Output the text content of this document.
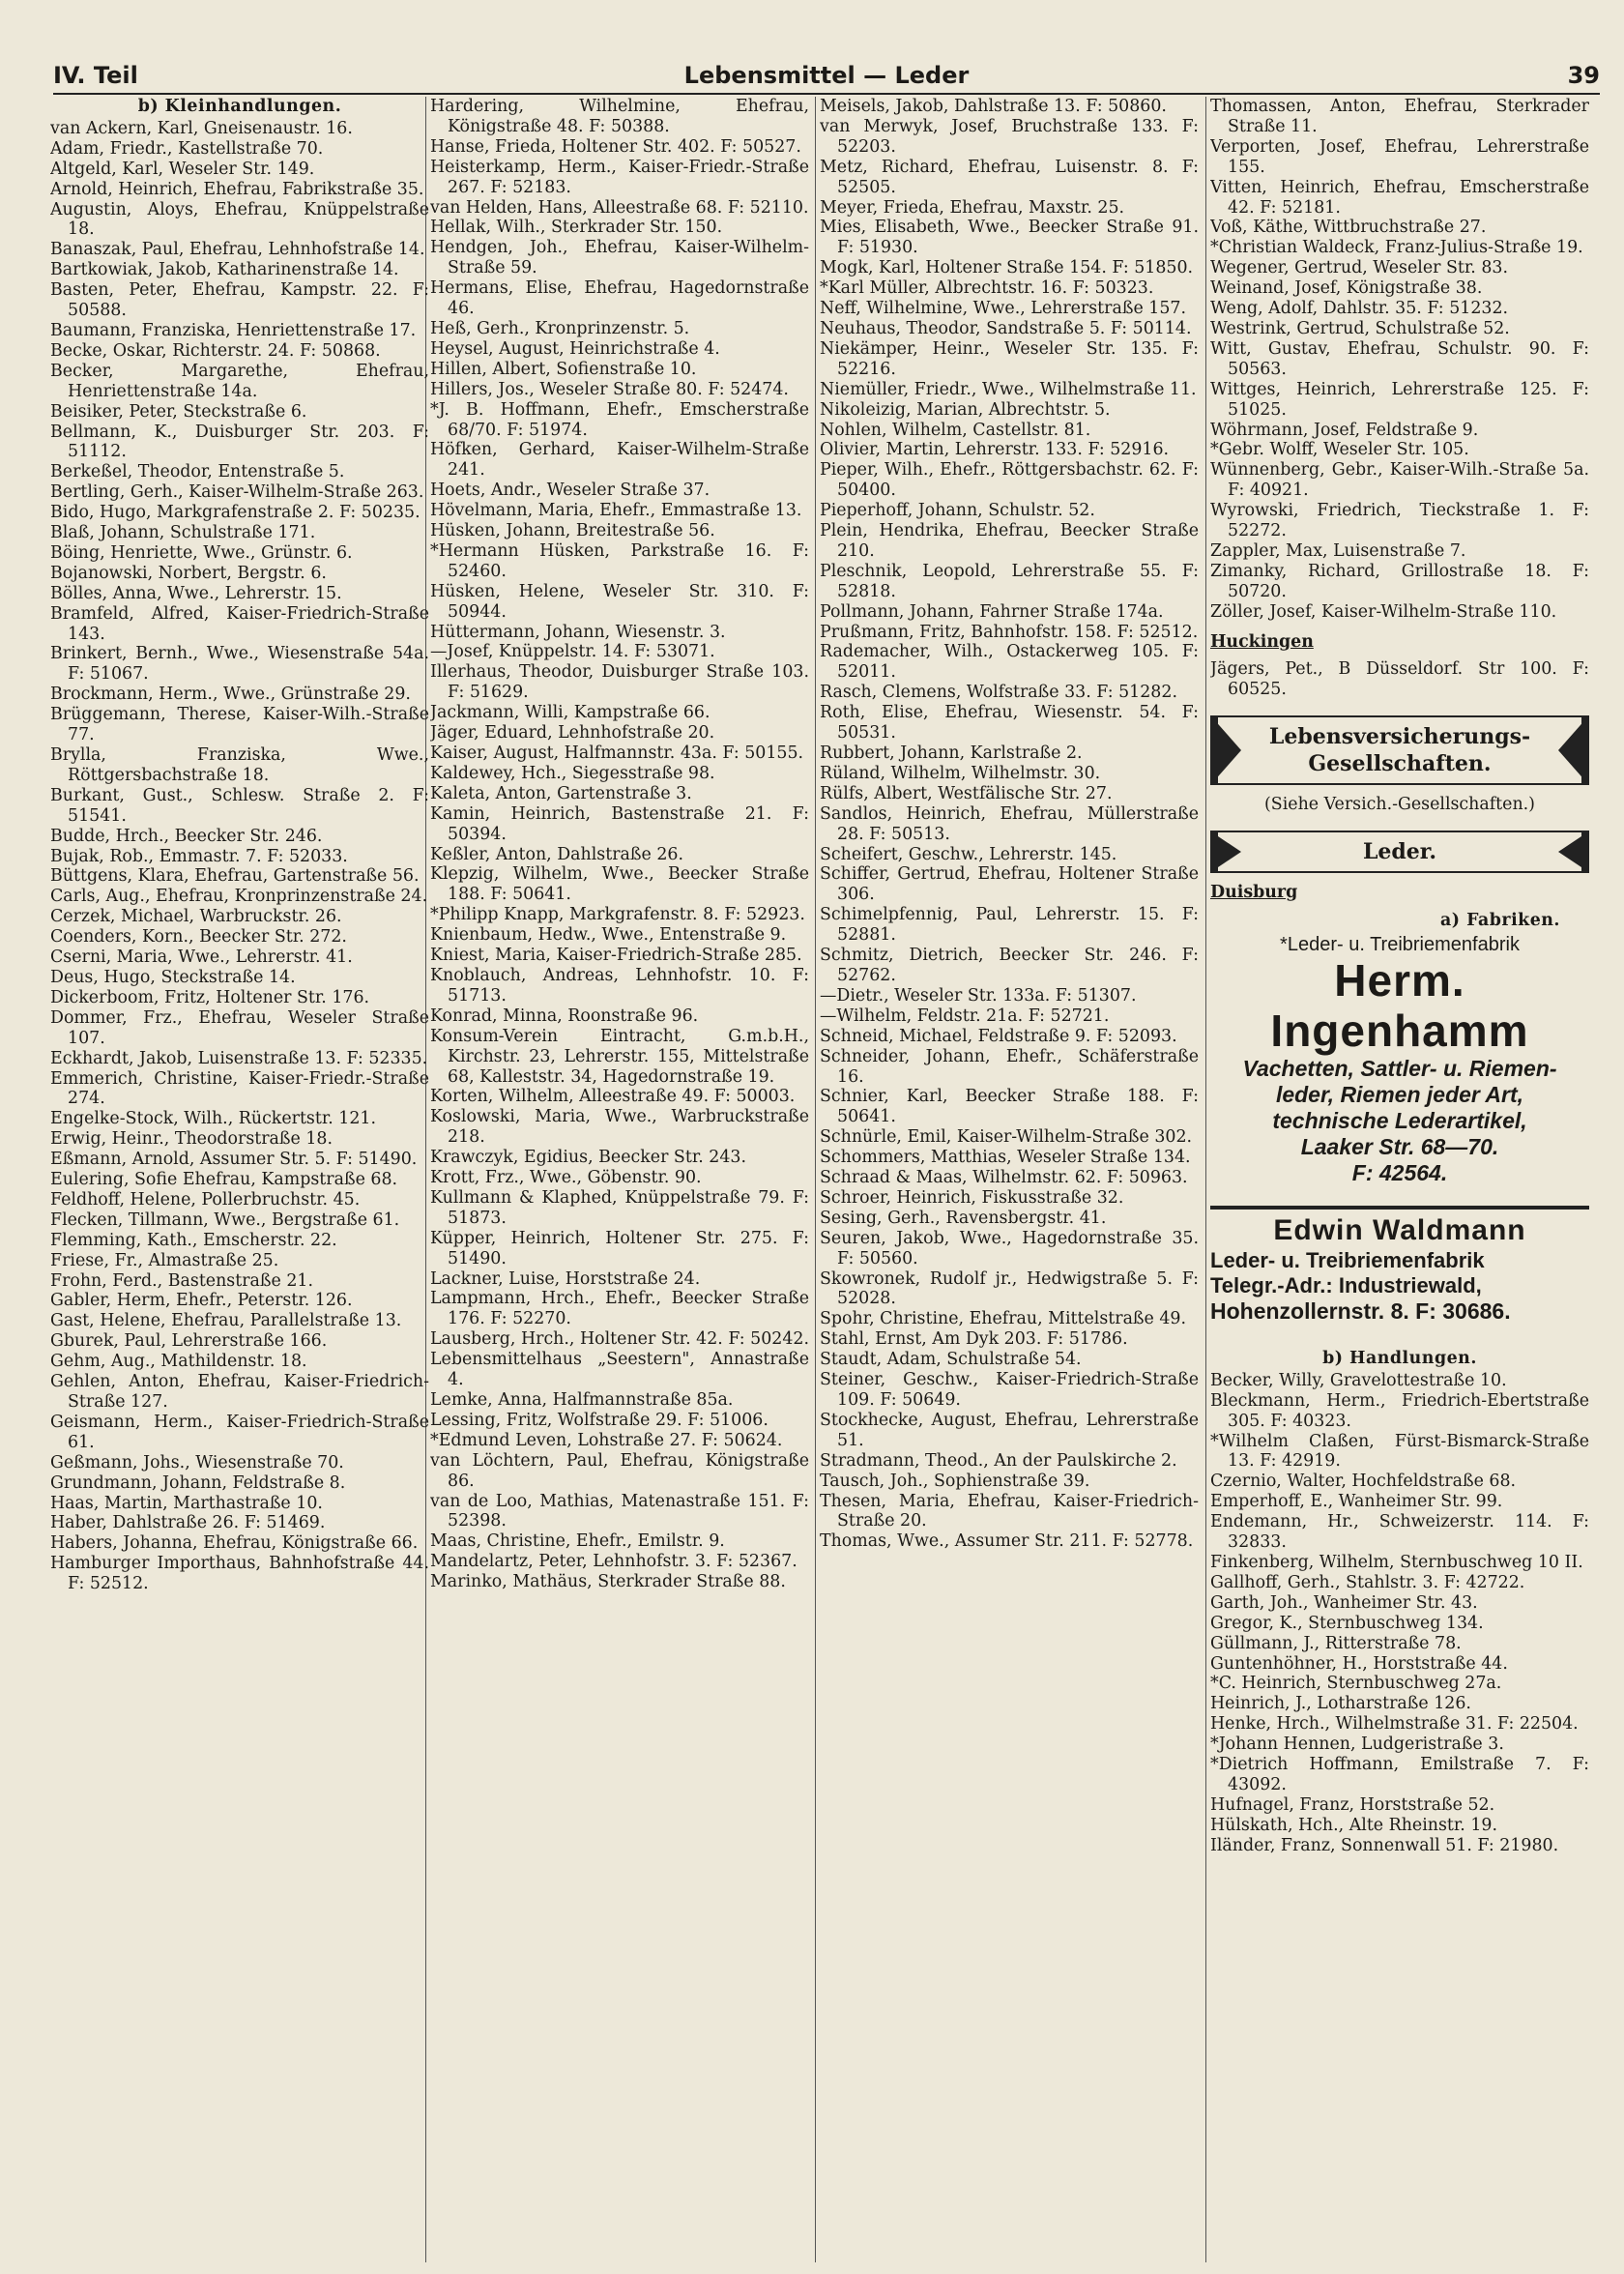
IV. Teil	Lebensmittel — Leder	39

b) Kleinhandlungen.

van Ackern, Karl, Gneisenaustr. 16.

Adam, Friedr., Kastellstraße 70.

Altgeld, Karl, Weseler Str. 149.

Arnold, Heinrich, Ehefrau, Fabrikstraße 35.

Augustin, Aloys, Ehefrau, Knüppelstraße 18.

Banaszak, Paul, Ehefrau, Lehnhofstraße 14.

Bartkowiak, Jakob, Katharinenstraße 14.

Basten, Peter, Ehefrau, Kampstr. 22. F: 50588.

Baumann, Franziska, Henriettenstraße 17.

Becke, Oskar, Richterstr. 24. F: 50868.

Becker, Margarethe, Ehefrau, Henriettenstraße 14a.

Beisiker, Peter, Steckstraße 6.

Bellmann, K., Duisburger Str. 203. F: 51112.

Berkeßel, Theodor, Entenstraße 5.

Bertling, Gerh., Kaiser-Wilhelm-Straße 263.

Bido, Hugo, Markgrafenstraße 2. F: 50235.

Blaß, Johann, Schulstraße 171.

Böing, Henriette, Wwe., Grünstr. 6.

Bojanowski, Norbert, Bergstr. 6.

Bölles, Anna, Wwe., Lehrerstr. 15.

Bramfeld, Alfred, Kaiser-Friedrich-Straße 143.

Brinkert, Bernh., Wwe., Wiesenstraße 54a. F: 51067.

Brockmann, Herm., Wwe., Grünstraße 29.

Brüggemann, Therese, Kaiser-Wilh.-Straße 77.

Brylla, Franziska, Wwe., Röttgersbachstraße 18.

Burkant, Gust., Schlesw. Straße 2. F: 51541.

Budde, Hrch., Beecker Str. 246.

Bujak, Rob., Emmastr. 7. F: 52033.

Büttgens, Klara, Ehefrau, Gartenstraße 56.

Carls, Aug., Ehefrau, Kronprinzenstraße 24.

Cerzek, Michael, Warbruckstr. 26.

Coenders, Korn., Beecker Str. 272.

Cserni, Maria, Wwe., Lehrerstr. 41.

Deus, Hugo, Steckstraße 14.

Dickerboom, Fritz, Holtener Str. 176.

Dommer, Frz., Ehefrau, Weseler Straße 107.

Eckhardt, Jakob, Luisenstraße 13. F: 52335.

Emmerich, Christine, Kaiser-Friedr.-Straße 274.

Engelke-Stock, Wilh., Rückertstr. 121.

Erwig, Heinr., Theodorstraße 18.

Eßmann, Arnold, Assumer Str. 5. F: 51490.

Eulering, Sofie Ehefrau, Kampstraße 68.

Feldhoff, Helene, Pollerbruchstr. 45.

Flecken, Tillmann, Wwe., Bergstraße 61.

Flemming, Kath., Emscherstr. 22.

Friese, Fr., Almastraße 25.

Frohn, Ferd., Bastenstraße 21.

Gabler, Herm, Ehefr., Peterstr. 126.

Gast, Helene, Ehefrau, Parallelstraße 13.

Gburek, Paul, Lehrerstraße 166.

Gehm, Aug., Mathildenstr. 18.

Gehlen, Anton, Ehefrau, Kaiser-Friedrich-Straße 127.

Geismann, Herm., Kaiser-Friedrich-Straße 61.

Geßmann, Johs., Wiesenstraße 70.

Grundmann, Johann, Feldstraße 8.

Haas, Martin, Marthastraße 10.

Haber, Dahlstraße 26. F: 51469.

Habers, Johanna, Ehefrau, Königstraße 66.

Hamburger Importhaus, Bahnhofstraße 44. F: 52512.

Hardering, Wilhelmine, Ehefrau, Königstraße 48. F: 50388.

Hanse, Frieda, Holtener Str. 402. F: 50527.

Heisterkamp, Herm., Kaiser-Friedr.-Straße 267. F: 52183.

van Helden, Hans, Alleestraße 68. F: 52110.

Hellak, Wilh., Sterkrader Str. 150.

Hendgen, Joh., Ehefrau, Kaiser-Wilhelm-Straße 59.

Hermans, Elise, Ehefrau, Hagedornstraße 46.

Heß, Gerh., Kronprinzenstr. 5.

Heysel, August, Heinrichstraße 4.

Hillen, Albert, Sofienstraße 10.

Hillers, Jos., Weseler Straße 80. F: 52474.

*J. B. Hoffmann, Ehefr., Emscherstraße 68/70. F: 51974.

Höfken, Gerhard, Kaiser-Wilhelm-Straße 241.

Hoets, Andr., Weseler Straße 37.

Hövelmann, Maria, Ehefr., Emmastraße 13.

Hüsken, Johann, Breitestraße 56.

*Hermann Hüsken, Parkstraße 16. F: 52460.

Hüsken, Helene, Weseler Str. 310. F: 50944.

Hüttermann, Johann, Wiesenstr. 3.

—Josef, Knüppelstr. 14. F: 53071.

Illerhaus, Theodor, Duisburger Straße 103. F: 51629.

Jackmann, Willi, Kampstraße 66.

Jäger, Eduard, Lehnhofstraße 20.

Kaiser, August, Halfmannstr. 43a. F: 50155.

Kaldewey, Hch., Siegesstraße 98.

Kaleta, Anton, Gartenstraße 3.

Kamin, Heinrich, Bastenstraße 21. F: 50394.

Keßler, Anton, Dahlstraße 26.

Klepzig, Wilhelm, Wwe., Beecker Straße 188. F: 50641.

*Philipp Knapp, Markgrafenstr. 8. F: 52923.

Knienbaum, Hedw., Wwe., Entenstraße 9.

Kniest, Maria, Kaiser-Friedrich-Straße 285.

Knoblauch, Andreas, Lehnhofstr. 10. F: 51713.

Konrad, Minna, Roonstraße 96.

Konsum-Verein Eintracht, G.m.b.H., Kirchstr. 23, Lehrerstr. 155, Mittelstraße 68, Kalleststr. 34, Hagedornstraße 19.

Korten, Wilhelm, Alleestraße 49. F: 50003.

Koslowski, Maria, Wwe., Warbruckstraße 218.

Krawczyk, Egidius, Beecker Str. 243.

Krott, Frz., Wwe., Göbenstr. 90.

Kullmann & Klaphed, Knüppelstraße 79. F: 51873.

Küpper, Heinrich, Holtener Str. 275. F: 51490.

Lackner, Luise, Horststraße 24.

Lampmann, Hrch., Ehefr., Beecker Straße 176. F: 52270.

Lausberg, Hrch., Holtener Str. 42. F: 50242.

Lebensmittelhaus „Seestern", Annastraße 4.

Lemke, Anna, Halfmannstraße 85a.

Lessing, Fritz, Wolfstraße 29. F: 51006.

*Edmund Leven, Lohstraße 27. F: 50624.

van Löchtern, Paul, Ehefrau, Königstraße 86.

van de Loo, Mathias, Matenastraße 151. F: 52398.

Maas, Christine, Ehefr., Emilstr. 9.

Mandelartz, Peter, Lehnhofstr. 3. F: 52367.

Marinko, Mathäus, Sterkrader Straße 88.

Meisels, Jakob, Dahlstraße 13. F: 50860.

van Merwyk, Josef, Bruchstraße 133. F: 52203.

Metz, Richard, Ehefrau, Luisenstr. 8. F: 52505.

Meyer, Frieda, Ehefrau, Maxstr. 25.

Mies, Elisabeth, Wwe., Beecker Straße 91. F: 51930.

Mogk, Karl, Holtener Straße 154. F: 51850.

*Karl Müller, Albrechtstr. 16. F: 50323.

Neff, Wilhelmine, Wwe., Lehrerstraße 157.

Neuhaus, Theodor, Sandstraße 5. F: 50114.

Niekämper, Heinr., Weseler Str. 135. F: 52216.

Niemüller, Friedr., Wwe., Wilhelmstraße 11.

Nikoleizig, Marian, Albrechtstr. 5.

Nohlen, Wilhelm, Castellstr. 81.

Olivier, Martin, Lehrerstr. 133. F: 52916.

Pieper, Wilh., Ehefr., Röttgersbachstr. 62. F: 50400.

Pieperhoff, Johann, Schulstr. 52.

Plein, Hendrika, Ehefrau, Beecker Straße 210.

Pleschnik, Leopold, Lehrerstraße 55. F: 52818.

Pollmann, Johann, Fahrner Straße 174a.

Prußmann, Fritz, Bahnhofstr. 158. F: 52512.

Rademacher, Wilh., Ostackerweg 105. F: 52011.

Rasch, Clemens, Wolfstraße 33. F: 51282.

Roth, Elise, Ehefrau, Wiesenstr. 54. F: 50531.

Rubbert, Johann, Karlstraße 2.

Rüland, Wilhelm, Wilhelmstr. 30.

Rülfs, Albert, Westfälische Str. 27.

Sandlos, Heinrich, Ehefrau, Müllerstraße 28. F: 50513.

Scheifert, Geschw., Lehrerstr. 145.

Schiffer, Gertrud, Ehefrau, Holtener Straße 306.

Schimelpfennig, Paul, Lehrerstr. 15. F: 52881.

Schmitz, Dietrich, Beecker Str. 246. F: 52762.

—Dietr., Weseler Str. 133a. F: 51307.

—Wilhelm, Feldstr. 21a. F: 52721.

Schneid, Michael, Feldstraße 9. F: 52093.

Schneider, Johann, Ehefr., Schäferstraße 16.

Schnier, Karl, Beecker Straße 188. F: 50641.

Schnürle, Emil, Kaiser-Wilhelm-Straße 302.

Schommers, Matthias, Weseler Straße 134.

Schraad & Maas, Wilhelmstr. 62. F: 50963.

Schroer, Heinrich, Fiskusstraße 32.

Sesing, Gerh., Ravensbergstr. 41.

Seuren, Jakob, Wwe., Hagedornstraße 35. F: 50560.

Skowronek, Rudolf jr., Hedwigstraße 5. F: 52028.

Spohr, Christine, Ehefrau, Mittelstraße 49.

Stahl, Ernst, Am Dyk 203. F: 51786.

Staudt, Adam, Schulstraße 54.

Steiner, Geschw., Kaiser-Friedrich-Straße 109. F: 50649.

Stockhecke, August, Ehefrau, Lehrerstraße 51.

Stradmann, Theod., An der Paulskirche 2.

Tausch, Joh., Sophienstraße 39.

Thesen, Maria, Ehefrau, Kaiser-Friedrich-Straße 20.

Thomas, Wwe., Assumer Str. 211. F: 52778.

Thomassen, Anton, Ehefrau, Sterkrader Straße 11.

Verporten, Josef, Ehefrau, Lehrerstraße 155.

Vitten, Heinrich, Ehefrau, Emscherstraße 42. F: 52181.

Voß, Käthe, Wittbruchstraße 27.

*Christian Waldeck, Franz-Julius-Straße 19.

Wegener, Gertrud, Weseler Str. 83.

Weinand, Josef, Königstraße 38.

Weng, Adolf, Dahlstr. 35. F: 51232.

Westrink, Gertrud, Schulstraße 52.

Witt, Gustav, Ehefrau, Schulstr. 90. F: 50563.

Wittges, Heinrich, Lehrerstraße 125. F: 51025.

Wöhrmann, Josef, Feldstraße 9.

*Gebr. Wolff, Weseler Str. 105.

Wünnenberg, Gebr., Kaiser-Wilh.-Straße 5a. F: 40921.

Wyrowski, Friedrich, Tieckstraße 1. F: 52272.

Zappler, Max, Luisenstraße 7.

Zimanky, Richard, Grillostraße 18. F: 50720.

Zöller, Josef, Kaiser-Wilhelm-Straße 110.

Huckingen

Jägers, Pet., B Düsseldorf. Str 100. F: 60525.

Lebensversicherungs-
Gesellschaften.
(Siehe Versich.-Gesellschaften.)
Leder.
Duisburg

a) Fabriken.

*Leder- u. Treibriemenfabrik
Herm. Ingenhamm
Vachetten, Sattler- u. Riemen-
leder, Riemen jeder Art,
technische Lederartikel,
Laaker Str. 68—70.
F: 42564.
Edwin Waldmann
Leder- u. Treibriemenfabrik
Telegr.-Adr.: Industriewald,
Hohenzollernstr. 8. F: 30686.

b) Handlungen.

Becker, Willy, Gravelottestraße 10.

Bleckmann, Herm., Friedrich-Ebertstraße 305. F: 40323.

*Wilhelm Claßen, Fürst-Bismarck-Straße 13. F: 42919.

Czernio, Walter, Hochfeldstraße 68.

Emperhoff, E., Wanheimer Str. 99.

Endemann, Hr., Schweizerstr. 114. F: 32833.

Finkenberg, Wilhelm, Sternbuschweg 10 II.

Gallhoff, Gerh., Stahlstr. 3. F: 42722.

Garth, Joh., Wanheimer Str. 43.

Gregor, K., Sternbuschweg 134.

Güllmann, J., Ritterstraße 78.

Guntenhöhner, H., Horststraße 44.

*C. Heinrich, Sternbuschweg 27a.

Heinrich, J., Lotharstraße 126.

Henke, Hrch., Wilhelmstraße 31. F: 22504.

*Johann Hennen, Ludgeristraße 3.

*Dietrich Hoffmann, Emilstraße 7. F: 43092.

Hufnagel, Franz, Horststraße 52.

Hülskath, Hch., Alte Rheinstr. 19.

Iländer, Franz, Sonnenwall 51. F: 21980.
